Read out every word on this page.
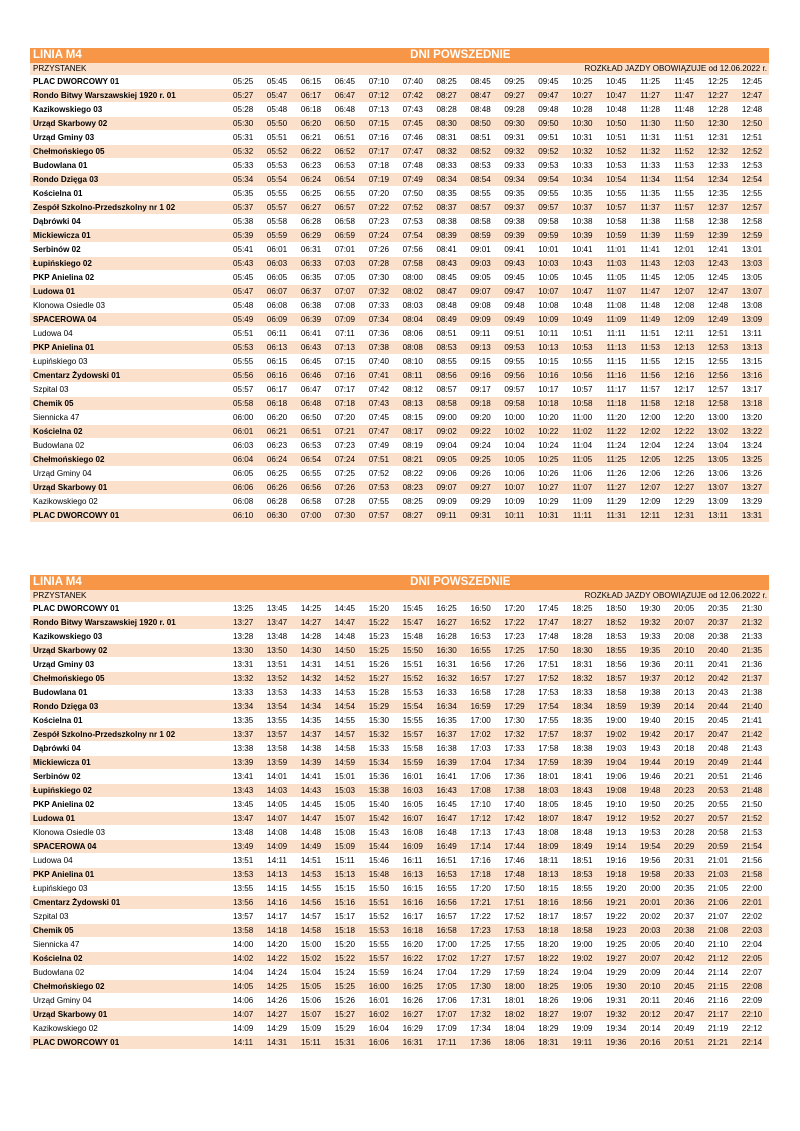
LINIA M4	DNI POWSZEDNIE															
PRZYSTANEK	ROZKŁAD JAZDY OBOWIĄZUJE od 12.06.2022 r.															
PLAC DWORCOWY 01	05:25	05:45	06:15	06:45	07:10	07:40	08:25	08:45	09:25	09:45	10:25	10:45	11:25	11:45	12:25	12:45
Rondo Bitwy Warszawskiej 1920 r. 01	05:27	05:47	06:17	06:47	07:12	07:42	08:27	08:47	09:27	09:47	10:27	10:47	11:27	11:47	12:27	12:47
Kazikowskiego 03	05:28	05:48	06:18	06:48	07:13	07:43	08:28	08:48	09:28	09:48	10:28	10:48	11:28	11:48	12:28	12:48
Urząd Skarbowy 02	05:30	05:50	06:20	06:50	07:15	07:45	08:30	08:50	09:30	09:50	10:30	10:50	11:30	11:50	12:30	12:50
Urząd Gminy 03	05:31	05:51	06:21	06:51	07:16	07:46	08:31	08:51	09:31	09:51	10:31	10:51	11:31	11:51	12:31	12:51
Chełmońskiego 05	05:32	05:52	06:22	06:52	07:17	07:47	08:32	08:52	09:32	09:52	10:32	10:52	11:32	11:52	12:32	12:52
Budowlana 01	05:33	05:53	06:23	06:53	07:18	07:48	08:33	08:53	09:33	09:53	10:33	10:53	11:33	11:53	12:33	12:53
Rondo Dzięga 03	05:34	05:54	06:24	06:54	07:19	07:49	08:34	08:54	09:34	09:54	10:34	10:54	11:34	11:54	12:34	12:54
Kościelna 01	05:35	05:55	06:25	06:55	07:20	07:50	08:35	08:55	09:35	09:55	10:35	10:55	11:35	11:55	12:35	12:55
Zespół Szkolno-Przedszkolny nr 1 02	05:37	05:57	06:27	06:57	07:22	07:52	08:37	08:57	09:37	09:57	10:37	10:57	11:37	11:57	12:37	12:57
Dąbrówki 04	05:38	05:58	06:28	06:58	07:23	07:53	08:38	08:58	09:38	09:58	10:38	10:58	11:38	11:58	12:38	12:58
Mickiewicza 01	05:39	05:59	06:29	06:59	07:24	07:54	08:39	08:59	09:39	09:59	10:39	10:59	11:39	11:59	12:39	12:59
Serbinów 02	05:41	06:01	06:31	07:01	07:26	07:56	08:41	09:01	09:41	10:01	10:41	11:01	11:41	12:01	12:41	13:01
Łupińskiego 02	05:43	06:03	06:33	07:03	07:28	07:58	08:43	09:03	09:43	10:03	10:43	11:03	11:43	12:03	12:43	13:03
PKP Anielina 02	05:45	06:05	06:35	07:05	07:30	08:00	08:45	09:05	09:45	10:05	10:45	11:05	11:45	12:05	12:45	13:05
Ludowa 01	05:47	06:07	06:37	07:07	07:32	08:02	08:47	09:07	09:47	10:07	10:47	11:07	11:47	12:07	12:47	13:07
Klonowa Osiedle 03	05:48	06:08	06:38	07:08	07:33	08:03	08:48	09:08	09:48	10:08	10:48	11:08	11:48	12:08	12:48	13:08
SPACEROWA 04	05:49	06:09	06:39	07:09	07:34	08:04	08:49	09:09	09:49	10:09	10:49	11:09	11:49	12:09	12:49	13:09
Ludowa 04	05:51	06:11	06:41	07:11	07:36	08:06	08:51	09:11	09:51	10:11	10:51	11:11	11:51	12:11	12:51	13:11
PKP Anielina 01	05:53	06:13	06:43	07:13	07:38	08:08	08:53	09:13	09:53	10:13	10:53	11:13	11:53	12:13	12:53	13:13
Łupińskiego 03	05:55	06:15	06:45	07:15	07:40	08:10	08:55	09:15	09:55	10:15	10:55	11:15	11:55	12:15	12:55	13:15
Cmentarz Żydowski 01	05:56	06:16	06:46	07:16	07:41	08:11	08:56	09:16	09:56	10:16	10:56	11:16	11:56	12:16	12:56	13:16
Szpital 03	05:57	06:17	06:47	07:17	07:42	08:12	08:57	09:17	09:57	10:17	10:57	11:17	11:57	12:17	12:57	13:17
Chemik 05	05:58	06:18	06:48	07:18	07:43	08:13	08:58	09:18	09:58	10:18	10:58	11:18	11:58	12:18	12:58	13:18
Siennicka 47	06:00	06:20	06:50	07:20	07:45	08:15	09:00	09:20	10:00	10:20	11:00	11:20	12:00	12:20	13:00	13:20
Kościelna 02	06:01	06:21	06:51	07:21	07:47	08:17	09:02	09:22	10:02	10:22	11:02	11:22	12:02	12:22	13:02	13:22
Budowlana 02	06:03	06:23	06:53	07:23	07:49	08:19	09:04	09:24	10:04	10:24	11:04	11:24	12:04	12:24	13:04	13:24
Chełmońskiego 02	06:04	06:24	06:54	07:24	07:51	08:21	09:05	09:25	10:05	10:25	11:05	11:25	12:05	12:25	13:05	13:25
Urząd Gminy 04	06:05	06:25	06:55	07:25	07:52	08:22	09:06	09:26	10:06	10:26	11:06	11:26	12:06	12:26	13:06	13:26
Urząd Skarbowy 01	06:06	06:26	06:56	07:26	07:53	08:23	09:07	09:27	10:07	10:27	11:07	11:27	12:07	12:27	13:07	13:27
Kazikowskiego 02	06:08	06:28	06:58	07:28	07:55	08:25	09:09	09:29	10:09	10:29	11:09	11:29	12:09	12:29	13:09	13:29
PLAC DWORCOWY 01	06:10	06:30	07:00	07:30	07:57	08:27	09:11	09:31	10:11	10:31	11:11	11:31	12:11	12:31	13:11	13:31
LINIA M4	DNI POWSZEDNIE															
PRZYSTANEK	ROZKŁAD JAZDY OBOWIĄZUJE od 12.06.2022 r.															
PLAC DWORCOWY 01	13:25	13:45	14:25	14:45	15:20	15:45	16:25	16:50	17:20	17:45	18:25	18:50	19:30	20:05	20:35	21:30
Rondo Bitwy Warszawskiej 1920 r. 01	13:27	13:47	14:27	14:47	15:22	15:47	16:27	16:52	17:22	17:47	18:27	18:52	19:32	20:07	20:37	21:32
Kazikowskiego 03	13:28	13:48	14:28	14:48	15:23	15:48	16:28	16:53	17:23	17:48	18:28	18:53	19:33	20:08	20:38	21:33
Urząd Skarbowy 02	13:30	13:50	14:30	14:50	15:25	15:50	16:30	16:55	17:25	17:50	18:30	18:55	19:35	20:10	20:40	21:35
Urząd Gminy 03	13:31	13:51	14:31	14:51	15:26	15:51	16:31	16:56	17:26	17:51	18:31	18:56	19:36	20:11	20:41	21:36
Chełmońskiego 05	13:32	13:52	14:32	14:52	15:27	15:52	16:32	16:57	17:27	17:52	18:32	18:57	19:37	20:12	20:42	21:37
Budowlana 01	13:33	13:53	14:33	14:53	15:28	15:53	16:33	16:58	17:28	17:53	18:33	18:58	19:38	20:13	20:43	21:38
Rondo Dzięga 03	13:34	13:54	14:34	14:54	15:29	15:54	16:34	16:59	17:29	17:54	18:34	18:59	19:39	20:14	20:44	21:40
Kościelna 01	13:35	13:55	14:35	14:55	15:30	15:55	16:35	17:00	17:30	17:55	18:35	19:00	19:40	20:15	20:45	21:41
Zespół Szkolno-Przedszkolny nr 1 02	13:37	13:57	14:37	14:57	15:32	15:57	16:37	17:02	17:32	17:57	18:37	19:02	19:42	20:17	20:47	21:42
Dąbrówki 04	13:38	13:58	14:38	14:58	15:33	15:58	16:38	17:03	17:33	17:58	18:38	19:03	19:43	20:18	20:48	21:43
Mickiewicza 01	13:39	13:59	14:39	14:59	15:34	15:59	16:39	17:04	17:34	17:59	18:39	19:04	19:44	20:19	20:49	21:44
Serbinów 02	13:41	14:01	14:41	15:01	15:36	16:01	16:41	17:06	17:36	18:01	18:41	19:06	19:46	20:21	20:51	21:46
Łupińskiego 02	13:43	14:03	14:43	15:03	15:38	16:03	16:43	17:08	17:38	18:03	18:43	19:08	19:48	20:23	20:53	21:48
PKP Anielina 02	13:45	14:05	14:45	15:05	15:40	16:05	16:45	17:10	17:40	18:05	18:45	19:10	19:50	20:25	20:55	21:50
Ludowa 01	13:47	14:07	14:47	15:07	15:42	16:07	16:47	17:12	17:42	18:07	18:47	19:12	19:52	20:27	20:57	21:52
Klonowa Osiedle 03	13:48	14:08	14:48	15:08	15:43	16:08	16:48	17:13	17:43	18:08	18:48	19:13	19:53	20:28	20:58	21:53
SPACEROWA 04	13:49	14:09	14:49	15:09	15:44	16:09	16:49	17:14	17:44	18:09	18:49	19:14	19:54	20:29	20:59	21:54
Ludowa 04	13:51	14:11	14:51	15:11	15:46	16:11	16:51	17:16	17:46	18:11	18:51	19:16	19:56	20:31	21:01	21:56
PKP Anielina 01	13:53	14:13	14:53	15:13	15:48	16:13	16:53	17:18	17:48	18:13	18:53	19:18	19:58	20:33	21:03	21:58
Łupińskiego 03	13:55	14:15	14:55	15:15	15:50	16:15	16:55	17:20	17:50	18:15	18:55	19:20	20:00	20:35	21:05	22:00
Cmentarz Żydowski 01	13:56	14:16	14:56	15:16	15:51	16:16	16:56	17:21	17:51	18:16	18:56	19:21	20:01	20:36	21:06	22:01
Szpital 03	13:57	14:17	14:57	15:17	15:52	16:17	16:57	17:22	17:52	18:17	18:57	19:22	20:02	20:37	21:07	22:02
Chemik 05	13:58	14:18	14:58	15:18	15:53	16:18	16:58	17:23	17:53	18:18	18:58	19:23	20:03	20:38	21:08	22:03
Siennicka 47	14:00	14:20	15:00	15:20	15:55	16:20	17:00	17:25	17:55	18:20	19:00	19:25	20:05	20:40	21:10	22:04
Kościelna 02	14:02	14:22	15:02	15:22	15:57	16:22	17:02	17:27	17:57	18:22	19:02	19:27	20:07	20:42	21:12	22:05
Budowlana 02	14:04	14:24	15:04	15:24	15:59	16:24	17:04	17:29	17:59	18:24	19:04	19:29	20:09	20:44	21:14	22:07
Chełmońskiego 02	14:05	14:25	15:05	15:25	16:00	16:25	17:05	17:30	18:00	18:25	19:05	19:30	20:10	20:45	21:15	22:08
Urząd Gminy 04	14:06	14:26	15:06	15:26	16:01	16:26	17:06	17:31	18:01	18:26	19:06	19:31	20:11	20:46	21:16	22:09
Urząd Skarbowy 01	14:07	14:27	15:07	15:27	16:02	16:27	17:07	17:32	18:02	18:27	19:07	19:32	20:12	20:47	21:17	22:10
Kazikowskiego 02	14:09	14:29	15:09	15:29	16:04	16:29	17:09	17:34	18:04	18:29	19:09	19:34	20:14	20:49	21:19	22:12
PLAC DWORCOWY 01	14:11	14:31	15:11	15:31	16:06	16:31	17:11	17:36	18:06	18:31	19:11	19:36	20:16	20:51	21:21	22:14
